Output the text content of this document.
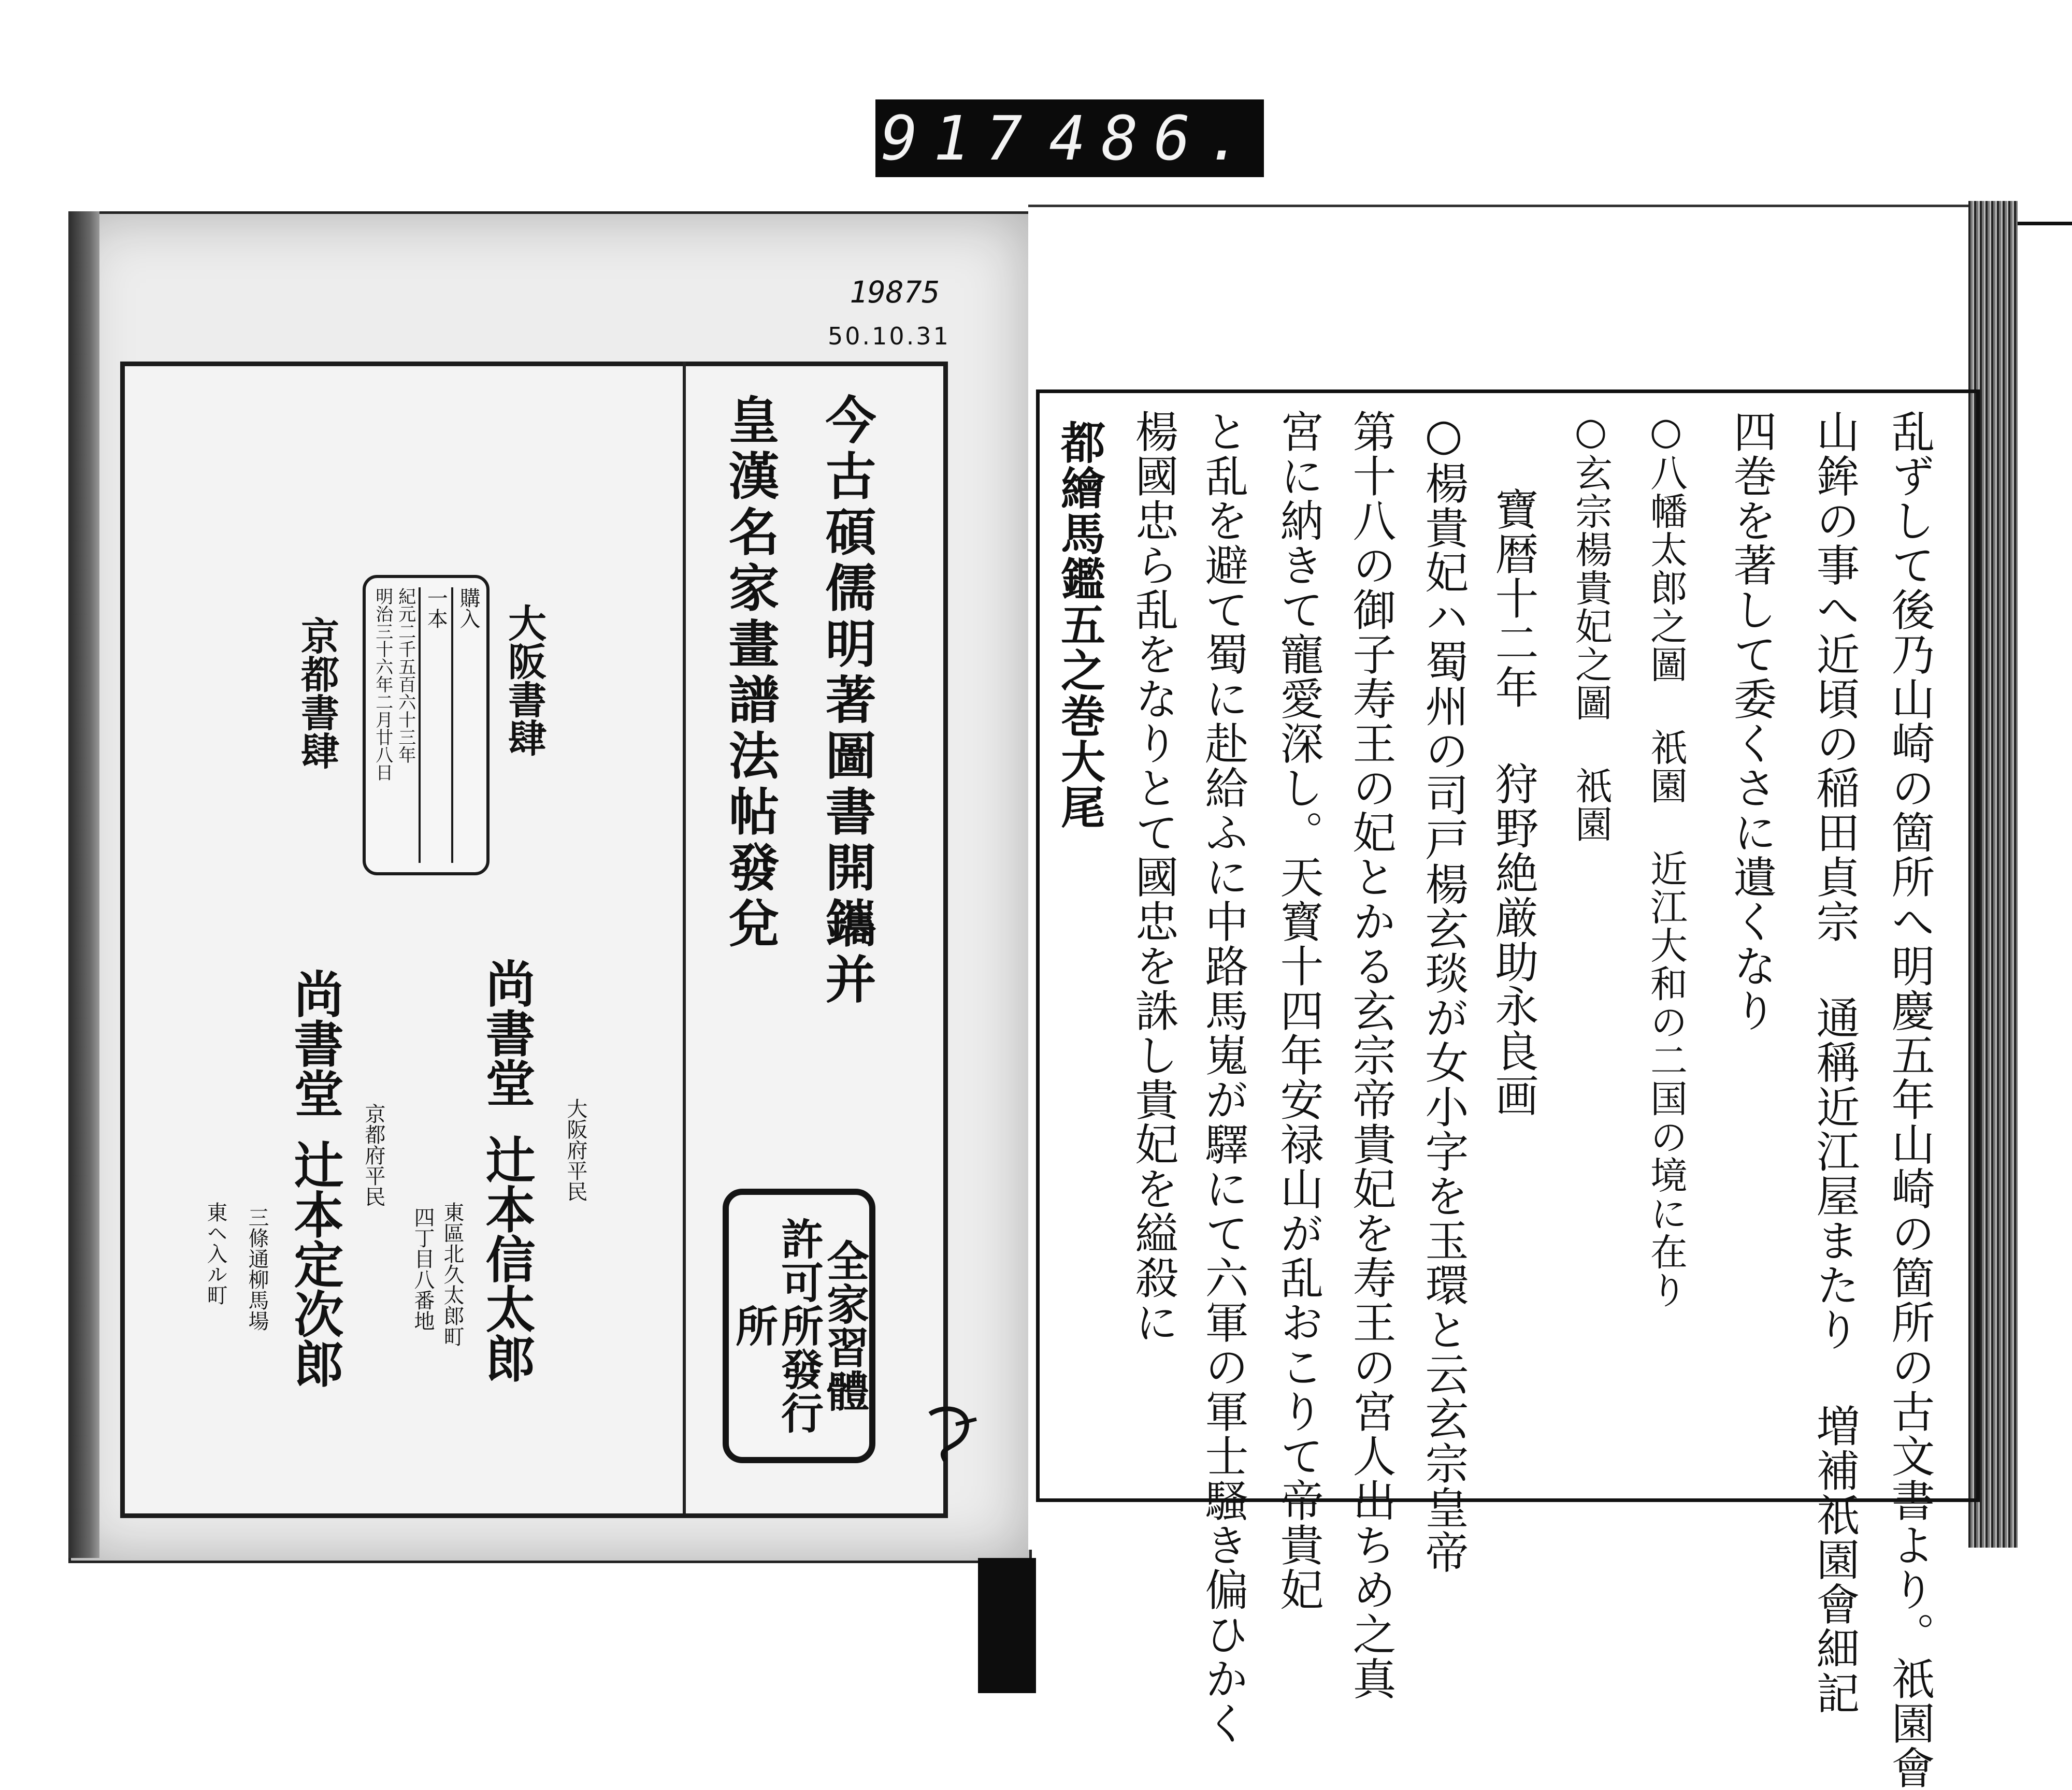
917 486.
19875
50.10.31
今古碩儒明著圖書開鑴并
皇漢名家畫譜法帖發兌
購入
一本
紀元二千五百六十三年
明治三十六年二月廿八日	大阪書肆
京都書肆
大阪府平民
東區北久太郎町
四丁目八番地
尚書堂
辻本信太郎
京都府平民
三條通柳馬場
東ヘ入ル町
尚書堂
辻本定次郎	全家習體
許可所發行
所	乱ずして後乃山崎の箇所へ明慶五年山崎の箇所の古文書より。祇園會
山鉾の事へ近頃の稲田貞宗 通稱近江屋またり 増補祇園會細記
四巻を著して委くさに遺くなり
○八幡太郎之圖 祇園 近江大和の二国の境に在り
○玄宗楊貴妃之圖 祇園
寶暦十二年 狩野絶厳助永良画
○楊貴妃ハ蜀州の司戸楊玄琰が女小字を玉環と云玄宗皇帝
第十八の御子寿王の妃とかる玄宗帝貴妃を寿王の宮人出ちめ之真
宮に納きて寵愛深し。天寳十四年安禄山が乱おこりて帝貴妃
と乱を避て蜀に赴給ふに中路馬嵬が驛にて六軍の軍士騷き偏ひかく
楊國忠ら乱をなりとて國忠を誅し貴妃を縊殺に
都繪馬鑑五之巻大尾
